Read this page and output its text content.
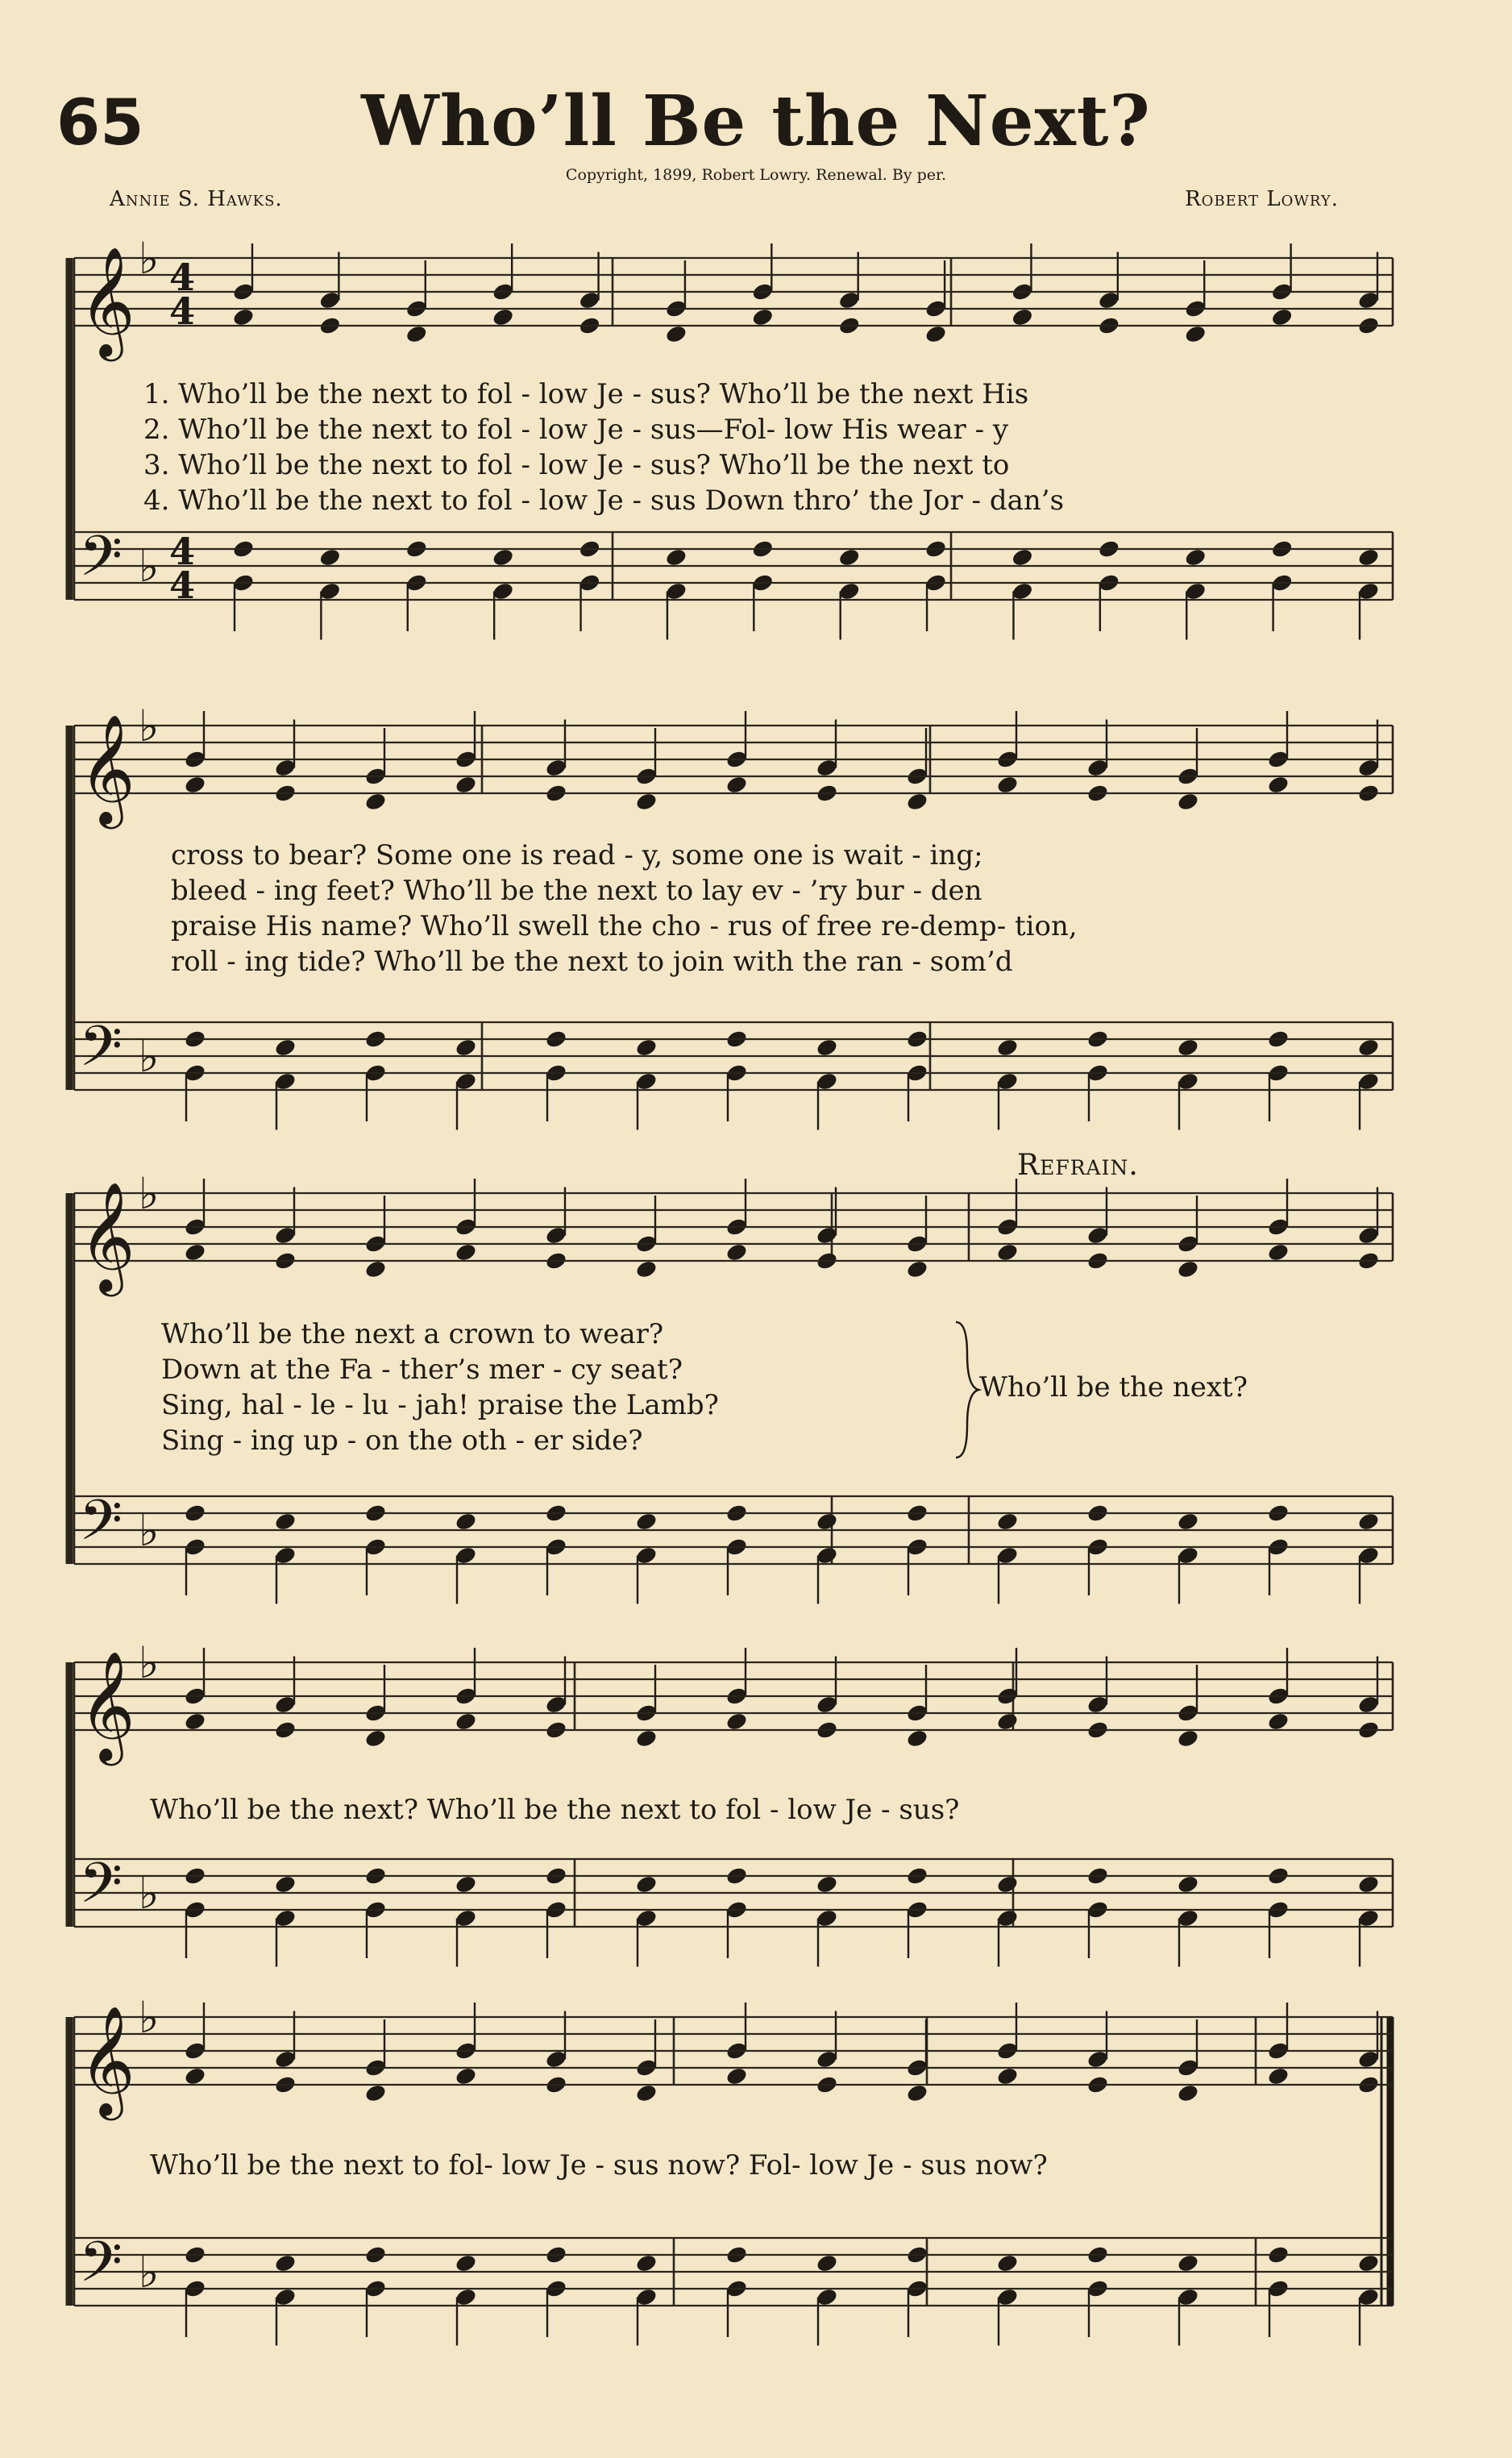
65	Who’ll Be the Next?
Copyright, 1899, Robert Lowry. Renewal. By per.
Annie S. Hawks.	Robert Lowry.
Refrain.
𝄞 ♭ 4
4
𝄢 ♭ 4
4
𝄞 ♭
𝄢 ♭
𝄞 ♭
𝄢 ♭
𝄞 ♭
𝄢 ♭
𝄞 ♭
𝄢 ♭
1. Who’ll be the next to fol - low Je - sus? Who’ll be the next His
2. Who’ll be the next to fol - low Je - sus—Fol- low His wear - y
3. Who’ll be the next to fol - low Je - sus? Who’ll be the next to
4. Who’ll be the next to fol - low Je - sus Down thro’ the Jor - dan’s
cross to bear? Some one is read - y, some one is wait - ing;
bleed - ing feet? Who’ll be the next to lay ev - ’ry bur - den
praise His name? Who’ll swell the cho - rus of free re-demp- tion,
roll - ing tide? Who’ll be the next to join with the ran - som’d
Who’ll be the next a crown to wear?
Down at the Fa - ther’s mer - cy seat?
Sing, hal - le - lu - jah! praise the Lamb?
Sing - ing up - on the oth - er side?
Who’ll be the next?
Who’ll be the next? Who’ll be the next to fol - low Je - sus?
Who’ll be the next to fol- low Je - sus now? Fol- low Je - sus now?
